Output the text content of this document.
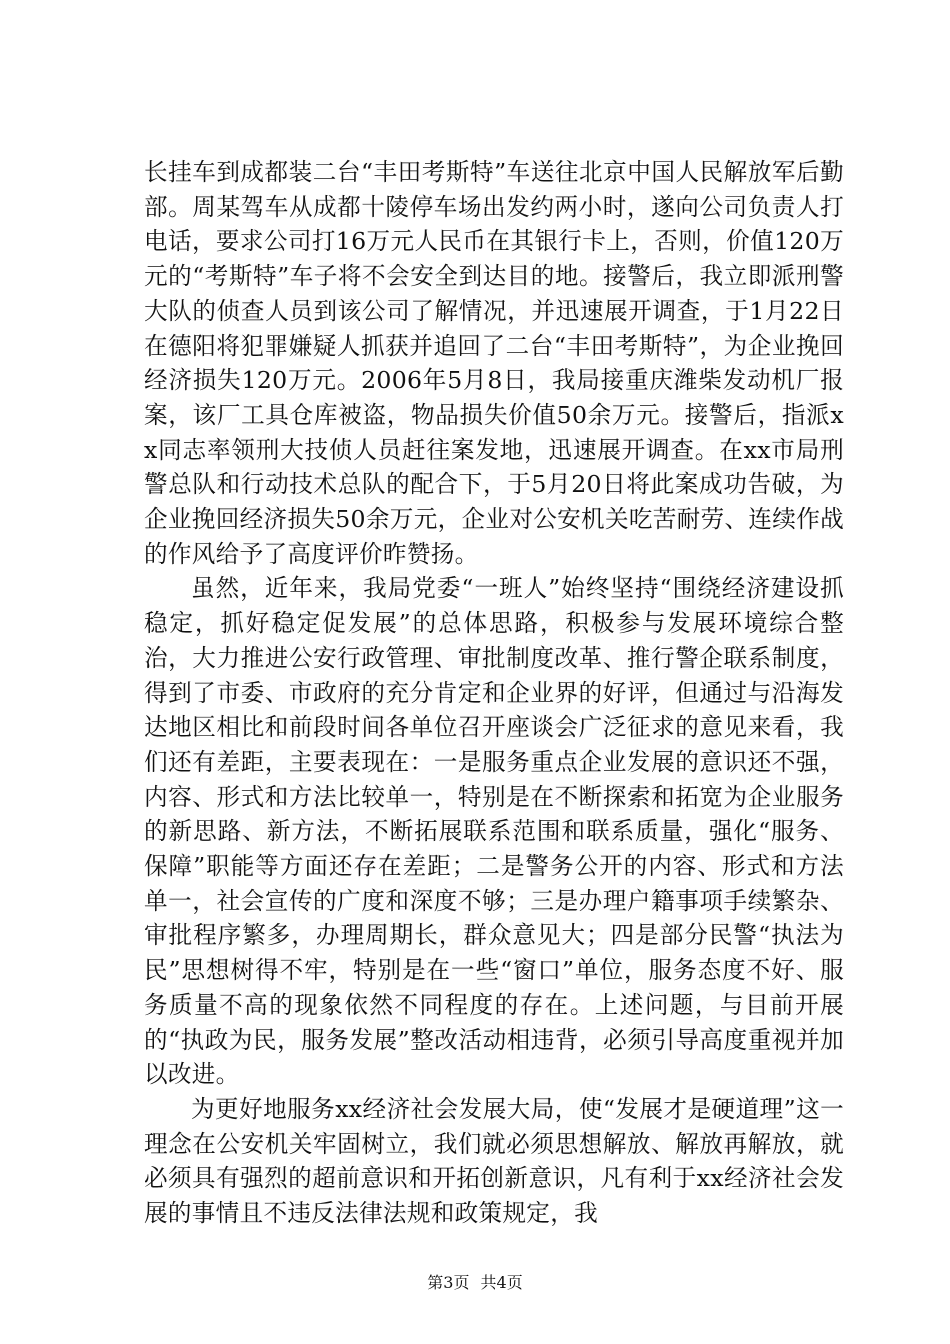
长挂车到成都装二台“丰田考斯特”车送往北京中国人民解放军后勤部。周某驾车从成都十陵停车场出发约两小时，遂向公司负责人打电话，要求公司打16万元人民币在其银行卡上，否则，价值120万元的“考斯特”车子将不会安全到达目的地。接警后，我立即派刑警大队的侦查人员到该公司了解情况，并迅速展开调查，于1月22日在德阳将犯罪嫌疑人抓获并追回了二台“丰田考斯特”，为企业挽回经济损失120万元。2006年5月8日，我局接重庆潍柴发动机厂报案，该厂工具仓库被盗，物品损失价值50余万元。接警后，指派xx同志率领刑大技侦人员赶往案发地，迅速展开调查。在xx市局刑警总队和行动技术总队的配合下，于5月20日将此案成功告破，为企业挽回经济损失50余万元，企业对公安机关吃苦耐劳、连续作战的作风给予了高度评价昨赞扬。

虽然，近年来，我局党委“一班人”始终坚持“围绕经济建设抓稳定，抓好稳定促发展”的总体思路，积极参与发展环境综合整治，大力推进公安行政管理、审批制度改革、推行警企联系制度，得到了市委、市政府的充分肯定和企业界的好评，但通过与沿海发达地区相比和前段时间各单位召开座谈会广泛征求的意见来看，我们还有差距，主要表现在：一是服务重点企业发展的意识还不强，内容、形式和方法比较单一，特别是在不断探索和拓宽为企业服务的新思路、新方法，不断拓展联系范围和联系质量，强化“服务、保障”职能等方面还存在差距；二是警务公开的内容、形式和方法单一，社会宣传的广度和深度不够；三是办理户籍事项手续繁杂、审批程序繁多，办理周期长，群众意见大；四是部分民警“执法为民”思想树得不牢，特别是在一些“窗口”单位，服务态度不好、服务质量不高的现象依然不同程度的存在。上述问题，与目前开展的“执政为民，服务发展”整改活动相违背，必须引导高度重视并加以改进。

为更好地服务xx经济社会发展大局，使“发展才是硬道理”这一理念在公安机关牢固树立，我们就必须思想解放、解放再解放，就必须具有强烈的超前意识和开拓创新意识，凡有利于xx经济社会发展的事情且不违反法律法规和政策规定，我

第3页 共4页
